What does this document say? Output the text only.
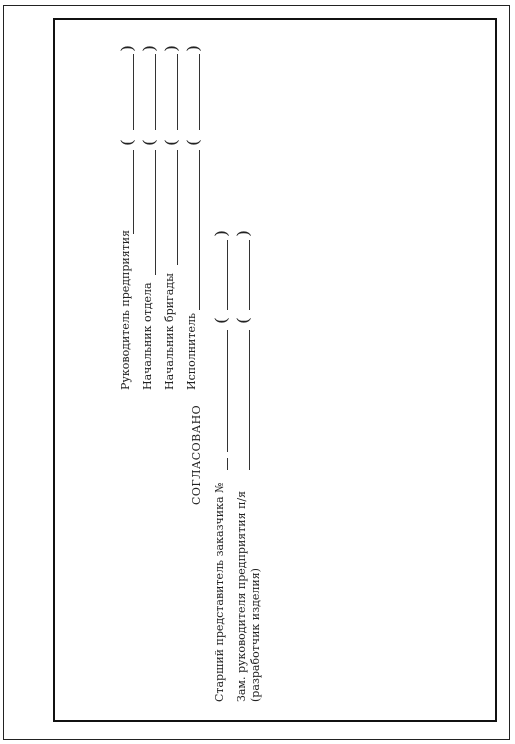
Руководитель предприятия
(
)
Начальник отдела
(
)
Начальник бригады
(
)
Исполнитель
(
)
СОГЛАСОВАНО
Старший представитель заказчика №
(
)
Зам. руководителя предприятия п/я
(
)
(разработчик изделия)
